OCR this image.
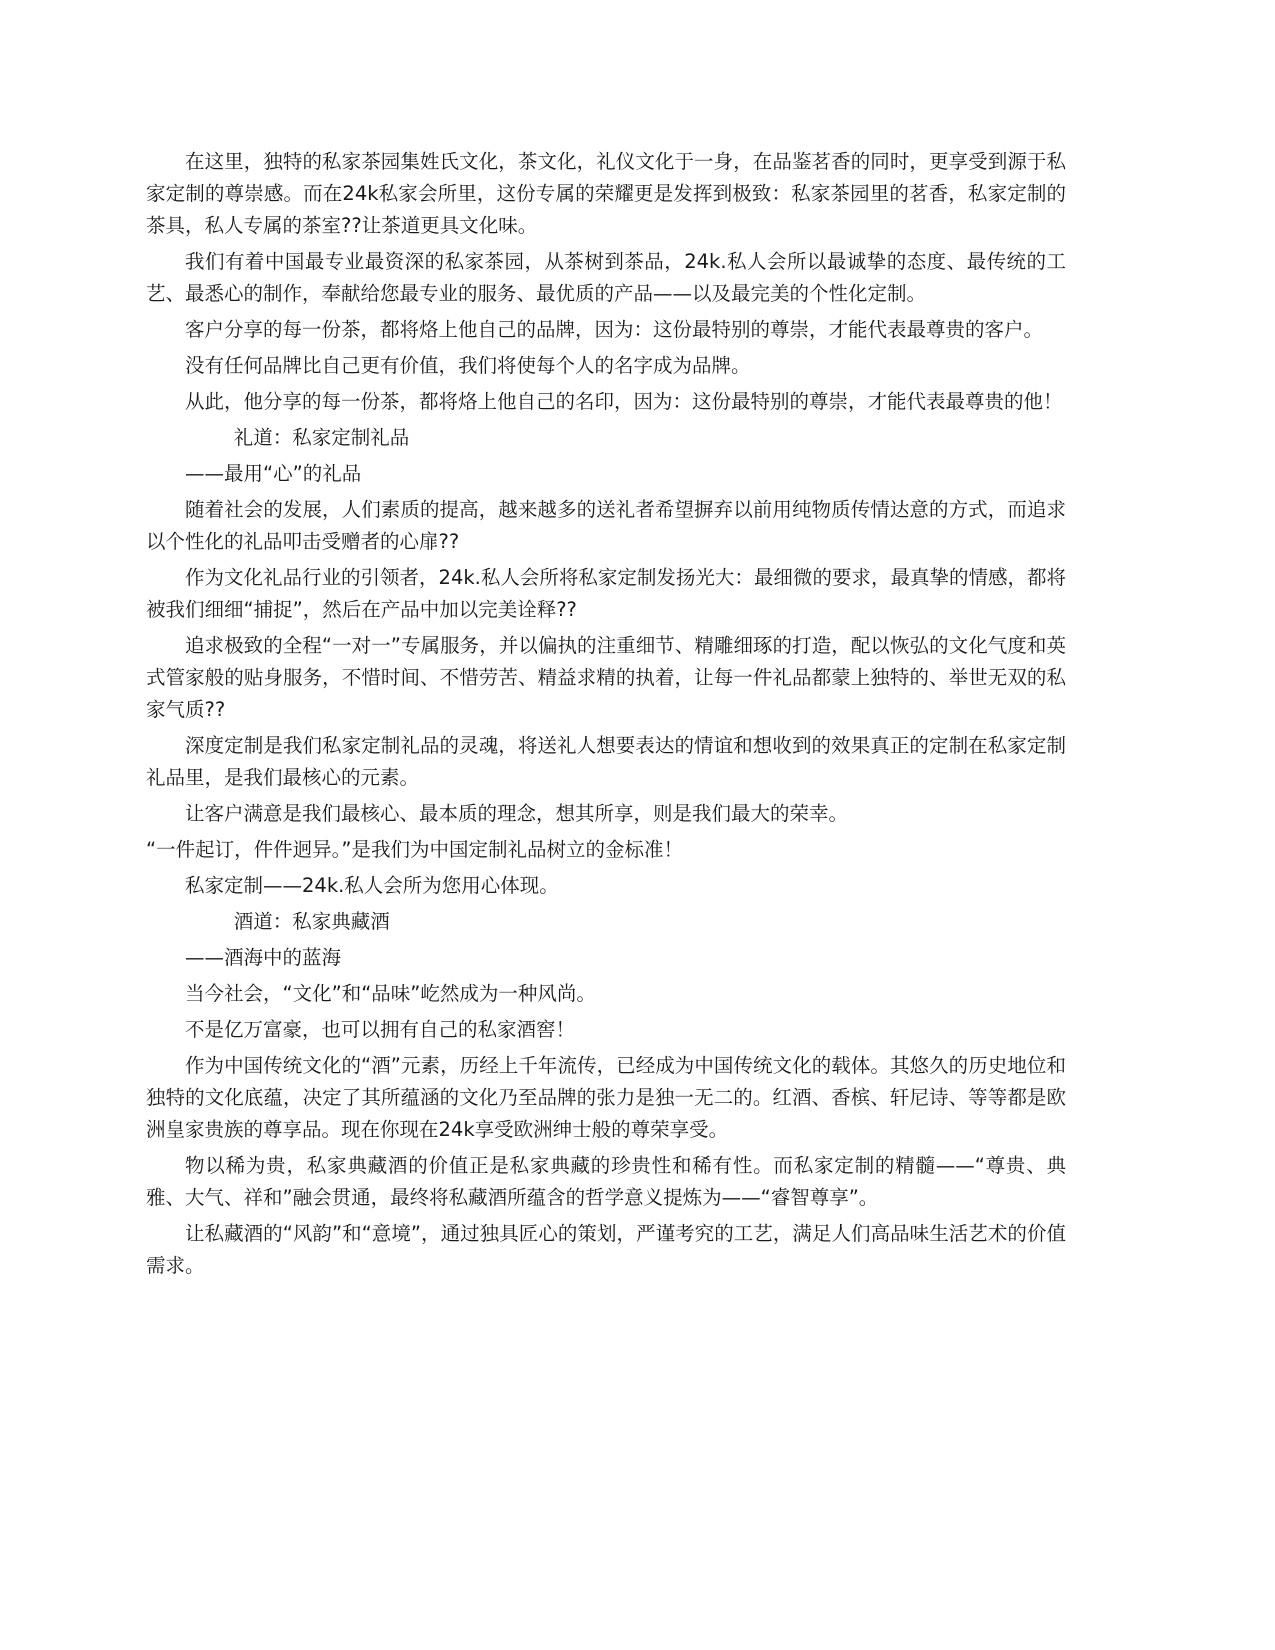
在这里，独特的私家茶园集姓氏文化，茶文化，礼仪文化于一身，在品鉴茗香的同时，更享受到源于私家定制的尊崇感。而在24k私家会所里，这份专属的荣耀更是发挥到极致：私家茶园里的茗香，私家定制的茶具，私人专属的茶室??让茶道更具文化味。

我们有着中国最专业最资深的私家茶园，从茶树到茶品，24k.私人会所以最诚挚的态度、最传统的工艺、最悉心的制作，奉献给您最专业的服务、最优质的产品——以及最完美的个性化定制。

客户分享的每一份茶，都将烙上他自己的品牌，因为：这份最特别的尊崇，才能代表最尊贵的客户。

没有任何品牌比自己更有价值，我们将使每个人的名字成为品牌。

从此，他分享的每一份茶，都将烙上他自己的名印，因为：这份最特别的尊崇，才能代表最尊贵的他！

礼道：私家定制礼品

——最用“心”的礼品

随着社会的发展，人们素质的提高，越来越多的送礼者希望摒弃以前用纯物质传情达意的方式，而追求以个性化的礼品叩击受赠者的心扉??

作为文化礼品行业的引领者，24k.私人会所将私家定制发扬光大：最细微的要求，最真挚的情感，都将被我们细细“捕捉”，然后在产品中加以完美诠释??

追求极致的全程“一对一”专属服务，并以偏执的注重细节、精雕细琢的打造，配以恢弘的文化气度和英式管家般的贴身服务，不惜时间、不惜劳苦、精益求精的执着，让每一件礼品都蒙上独特的、举世无双的私家气质??

深度定制是我们私家定制礼品的灵魂，将送礼人想要表达的情谊和想收到的效果真正的定制在私家定制礼品里，是我们最核心的元素。

让客户满意是我们最核心、最本质的理念，想其所享，则是我们最大的荣幸。

“一件起订，件件迥异。”是我们为中国定制礼品树立的金标准！

私家定制——24k.私人会所为您用心体现。

酒道：私家典藏酒

——酒海中的蓝海

当今社会，“文化”和“品味”屹然成为一种风尚。

不是亿万富豪，也可以拥有自己的私家酒窖！

作为中国传统文化的“酒”元素，历经上千年流传，已经成为中国传统文化的载体。其悠久的历史地位和独特的文化底蕴，决定了其所蕴涵的文化乃至品牌的张力是独一无二的。红酒、香槟、轩尼诗、等等都是欧洲皇家贵族的尊享品。现在你现在24k享受欧洲绅士般的尊荣享受。

物以稀为贵，私家典藏酒的价值正是私家典藏的珍贵性和稀有性。而私家定制的精髓——“尊贵、典雅、大气、祥和”融会贯通，最终将私藏酒所蕴含的哲学意义提炼为——“睿智尊享”。

让私藏酒的“风韵”和“意境”，通过独具匠心的策划，严谨考究的工艺，满足人们高品味生活艺术的价值需求。
